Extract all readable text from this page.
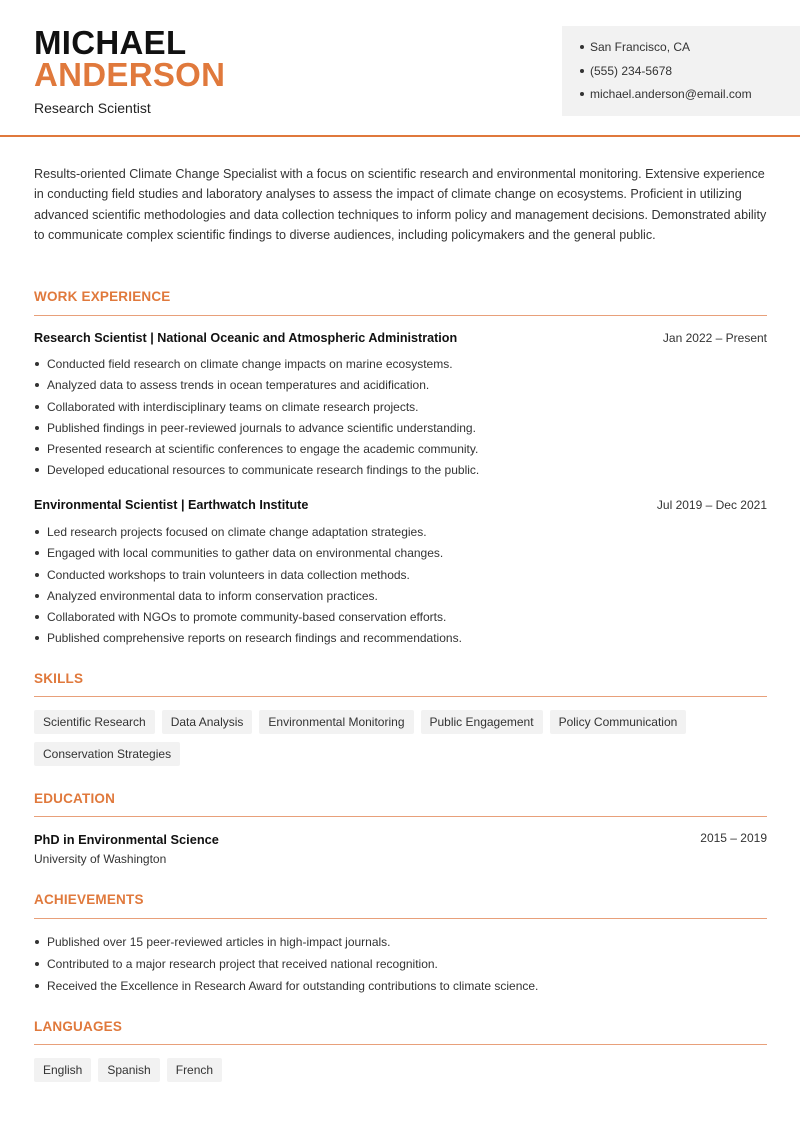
MICHAEL
ANDERSON
Research Scientist
San Francisco, CA
(555) 234-5678
michael.anderson@email.com

Results-oriented Climate Change Specialist with a focus on scientific research and environmental monitoring. Extensive experience in conducting field studies and laboratory analyses to assess the impact of climate change on ecosystems. Proficient in utilizing advanced scientific methodologies and data collection techniques to inform policy and management decisions. Demonstrated ability to communicate complex scientific findings to diverse audiences, including policymakers and the general public.

WORK EXPERIENCE
Research Scientist | National Oceanic and Atmospheric Administration	Jan 2022 – Present
Conducted field research on climate change impacts on marine ecosystems.
Analyzed data to assess trends in ocean temperatures and acidification.
Collaborated with interdisciplinary teams on climate research projects.
Published findings in peer-reviewed journals to advance scientific understanding.
Presented research at scientific conferences to engage the academic community.
Developed educational resources to communicate research findings to the public.
Environmental Scientist | Earthwatch Institute	Jul 2019 – Dec 2021
Led research projects focused on climate change adaptation strategies.
Engaged with local communities to gather data on environmental changes.
Conducted workshops to train volunteers in data collection methods.
Analyzed environmental data to inform conservation practices.
Collaborated with NGOs to promote community-based conservation efforts.
Published comprehensive reports on research findings and recommendations.
SKILLS
Scientific Research	Data Analysis	Environmental Monitoring	Public Engagement	Policy Communication
Conservation Strategies
EDUCATION
PhD in Environmental Science	2015 – 2019
University of Washington
ACHIEVEMENTS
Published over 15 peer-reviewed articles in high-impact journals.
Contributed to a major research project that received national recognition.
Received the Excellence in Research Award for outstanding contributions to climate science.
LANGUAGES
English	Spanish	French
